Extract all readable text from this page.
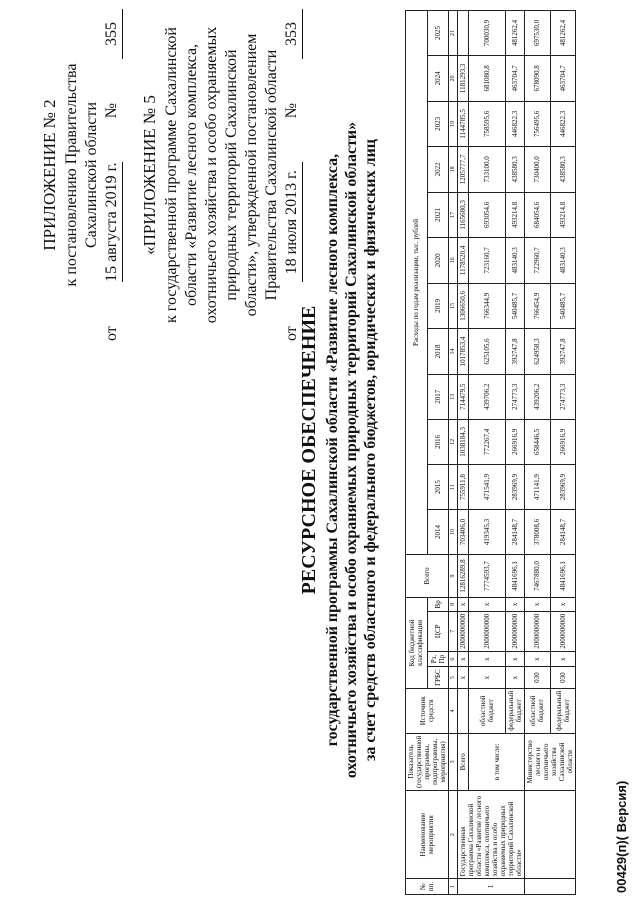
ПРИЛОЖЕНИЕ № 2 к постановлению Правительства Сахалинской области
от
15 августа 2019 г.
№
355
«ПРИЛОЖЕНИЕ № 5 к государственной программе Сахалинской области «Развитие лесного комплекса, охотничьего хозяйства и особо охраняемых природных территорий Сахалинской области», утвержденной постановлением Правительства Сахалинской области
от
18 июля 2013 г.
№
353
РЕСУРСНОЕ ОБЕСПЕЧЕНИЕ государственной программы Сахалинской области «Развитие лесного комплекса, охотничьего хозяйства и особо охраняемых природных территорий Сахалинской области» за счет средств областного и федерального бюджетов, юридических и физических лиц
№ пп.	Наименование мероприятия	Показатель (государственной программы, подпрограммы, мероприятия)	Источник средств	Код бюджетной классификации				Всего	Расходы по годам реализации, тыс. рублей											
				ГРБС	Рз, Пр	ЦСР	Вр		2014	2015	2016	2017	2018	2019	2020	2021	2022	2023	2024	2025
1	2	3	4	5	6	7	8	9	10	11	12	13	14	15	16	17	18	19	20	21
1	Государственная программа Сахалинской области «Развитие лесного комплекса, охотничьего хозяйства и особо охраняемых природных территорий Сахалинской области»	Всего		х	х	2000000000	х	12816289,8	703406,0	755911,8	1038184,3	714479,5	1017853,4	1306650,6	1178520,4	1165680,3	1205777,7	1144785,5	1181293,3	
		в том числе:	областной бюджет	х	х	2000000000	х	7774593,7	419345,3	471541,9	772267,4	439706,2	625105,6	766344,9	723160,7	693054,6	733100,0	758595,6	681080,8	700030,9
			федеральный бюджет	х	х	2000000000	х	4841696,1	284148,7	283969,9	266916,9	274773,3	392747,8	540485,7	483140,3	493214,8	438580,3	446822,3	463704,7	481262,4
		Министерство лесного и охотничьего хозяйства Сахалинской области	областной бюджет	030	х	2000000000	х	7467880,0	378008,6	471141,9	658446,5	439206,2	624958,3	766454,9	722960,7	684054,6	730400,0	756495,6	678090,8	697530,0
			федеральный бюджет	030	х	2000000000	х	4841696,1	284148,7	283969,9	266916,9	274773,3	392747,8	540485,7	483140,3	493214,8	438580,3	446822,3	463704,7	481262,4
00429(п)( Версия)
